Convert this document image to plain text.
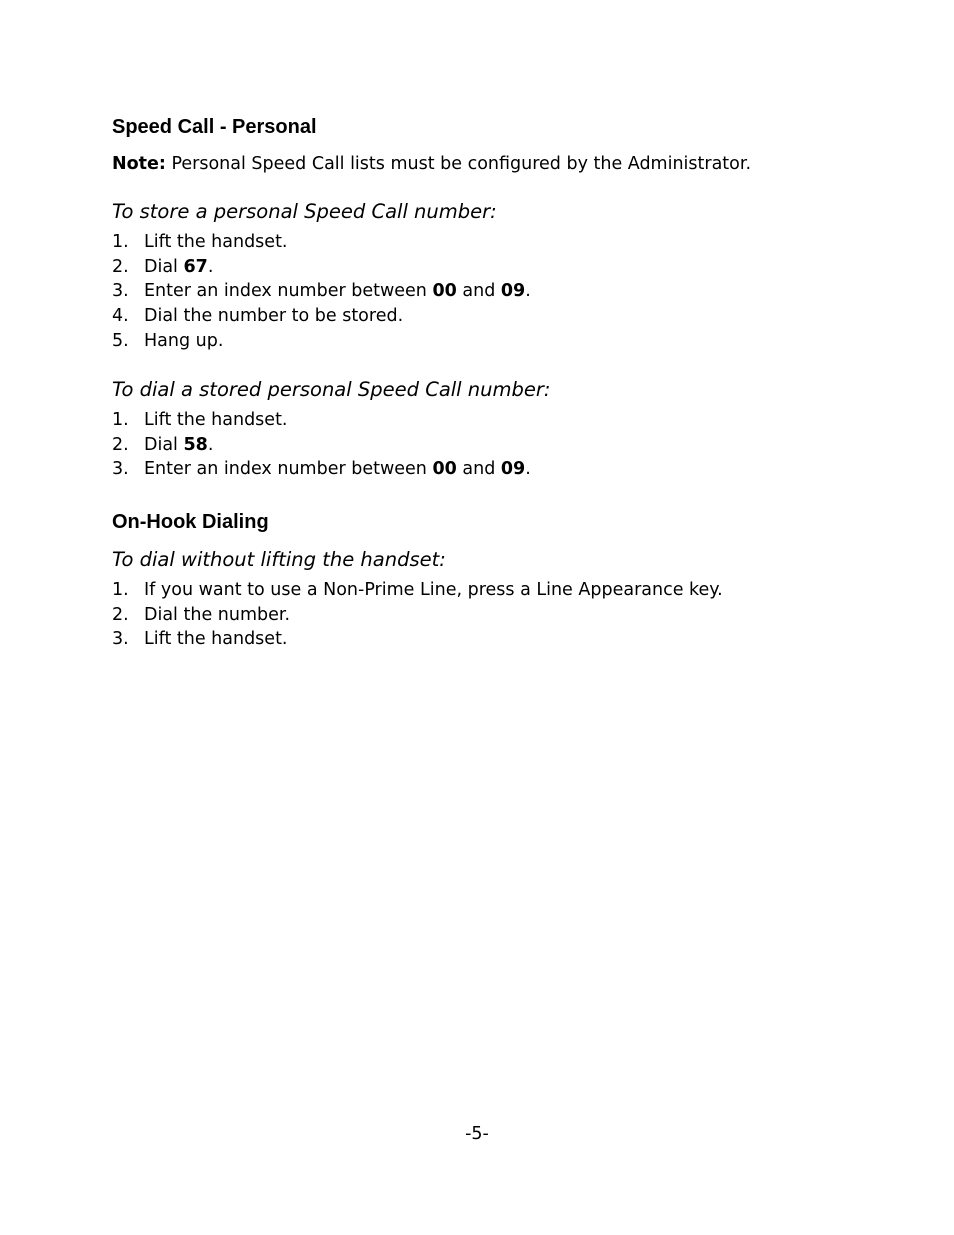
Speed Call - Personal

Note: Personal Speed Call lists must be configured by the Administrator.

To store a personal Speed Call number:

1. Lift the handset.
2. Dial 67.
3. Enter an index number between 00 and 09.
4. Dial the number to be stored.
5. Hang up.

To dial a stored personal Speed Call number:

1. Lift the handset.
2. Dial 58.
3. Enter an index number between 00 and 09.
On-Hook Dialing

To dial without lifting the handset:

1. If you want to use a Non-Prime Line, press a Line Appearance key.
2. Dial the number.
3. Lift the handset.
-5-
